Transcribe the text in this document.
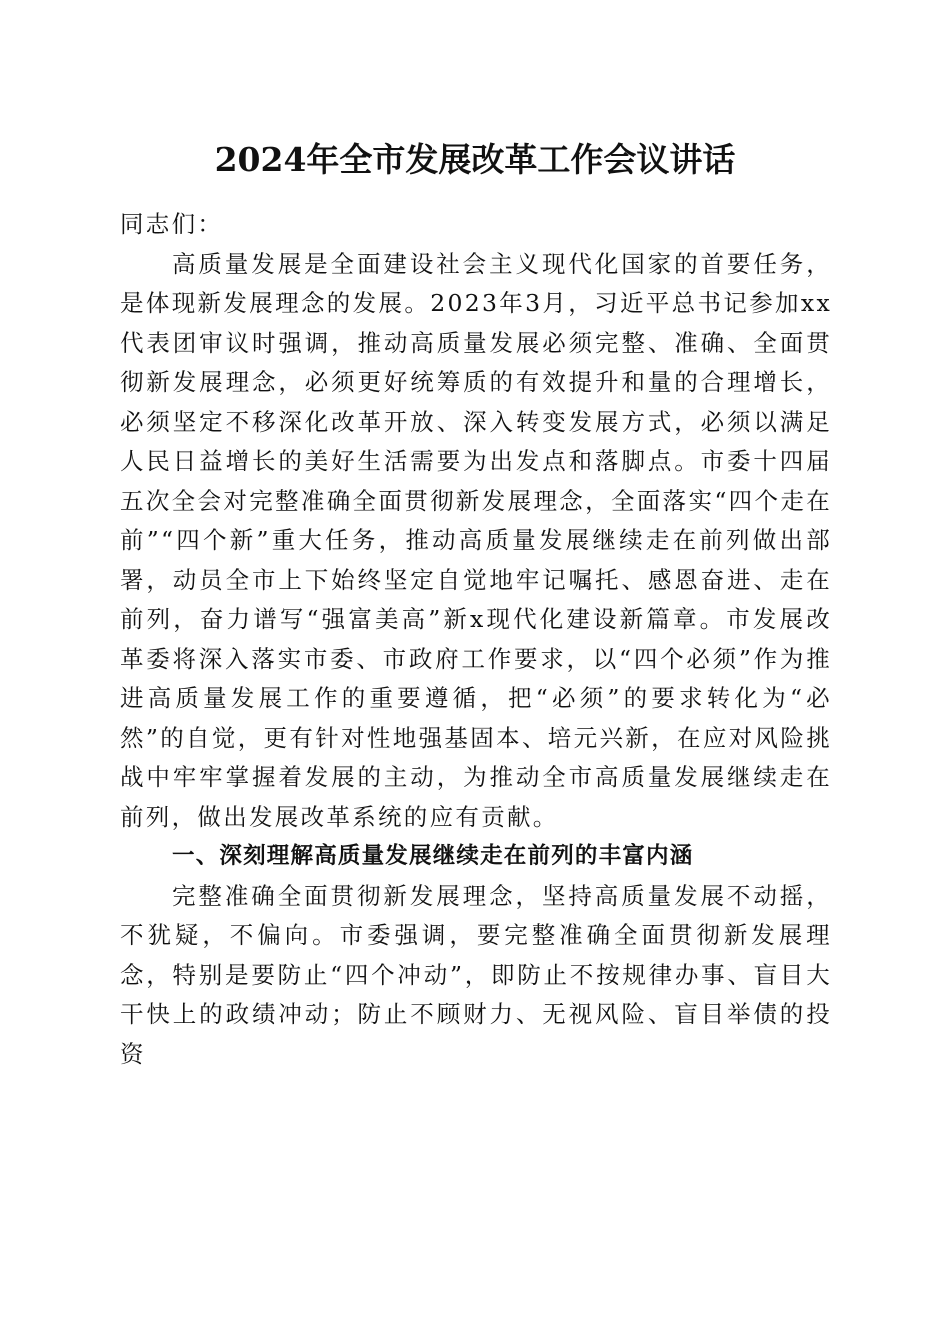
2024年全市发展改革工作会议讲话

同志们：

高质量发展是全面建设社会主义现代化国家的首要任务，是体现新发展理念的发展。2023年3月，习近平总书记参加xx代表团审议时强调，推动高质量发展必须完整、准确、全面贯彻新发展理念，必须更好统筹质的有效提升和量的合理增长，必须坚定不移深化改革开放、深入转变发展方式，必须以满足人民日益增长的美好生活需要为出发点和落脚点。市委十四届五次全会对完整准确全面贯彻新发展理念，全面落实“四个走在前”“四个新”重大任务，推动高质量发展继续走在前列做出部署，动员全市上下始终坚定自觉地牢记嘱托、感恩奋进、走在前列，奋力谱写“强富美高”新x现代化建设新篇章。市发展改革委将深入落实市委、市政府工作要求，以“四个必须”作为推进高质量发展工作的重要遵循，把“必须”的要求转化为“必然”的自觉，更有针对性地强基固本、培元兴新，在应对风险挑战中牢牢掌握着发展的主动，为推动全市高质量发展继续走在前列，做出发展改革系统的应有贡献。

一、深刻理解高质量发展继续走在前列的丰富内涵

完整准确全面贯彻新发展理念，坚持高质量发展不动摇，不犹疑，不偏向。市委强调，要完整准确全面贯彻新发展理念，特别是要防止“四个冲动”，即防止不按规律办事、盲目大干快上的政绩冲动；防止不顾财力、无视风险、盲目举债的投资
